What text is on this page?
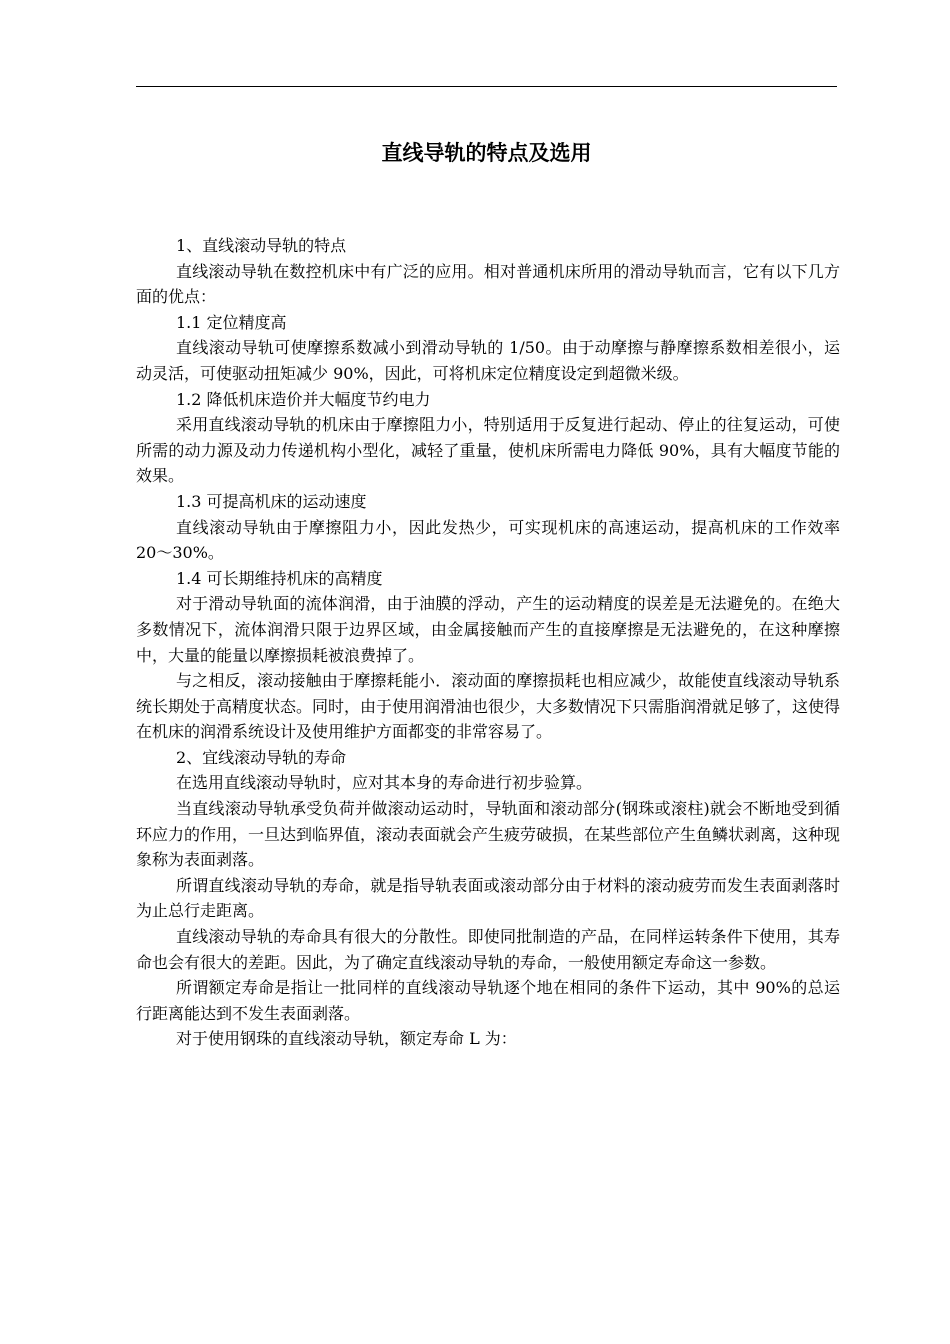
直线导轨的特点及选用

1、直线滚动导轨的特点

直线滚动导轨在数控机床中有广泛的应用。相对普通机床所用的滑动导轨而言，它有以下几方面的优点：

1.1 定位精度高

直线滚动导轨可使摩擦系数减小到滑动导轨的 1/50。由于动摩擦与静摩擦系数相差很小，运动灵活，可使驱动扭矩减少 90%，因此，可将机床定位精度设定到超微米级。

1.2 降低机床造价并大幅度节约电力

采用直线滚动导轨的机床由于摩擦阻力小，特别适用于反复进行起动、停止的往复运动，可使所需的动力源及动力传递机构小型化，减轻了重量，使机床所需电力降低 90%，具有大幅度节能的效果。

1.3 可提高机床的运动速度

直线滚动导轨由于摩擦阻力小，因此发热少，可实现机床的高速运动，提高机床的工作效率 20～30%。

1.4 可长期维持机床的高精度

对于滑动导轨面的流体润滑，由于油膜的浮动，产生的运动精度的误差是无法避免的。在绝大多数情况下，流体润滑只限于边界区域，由金属接触而产生的直接摩擦是无法避免的，在这种摩擦中，大量的能量以摩擦损耗被浪费掉了。

与之相反，滚动接触由于摩擦耗能小．滚动面的摩擦损耗也相应减少，故能使直线滚动导轨系统长期处于高精度状态。同时，由于使用润滑油也很少，大多数情况下只需脂润滑就足够了，这使得在机床的润滑系统设计及使用维护方面都变的非常容易了。

2、宜线滚动导轨的寿命

在选用直线滚动导轨时，应对其本身的寿命进行初步验算。

当直线滚动导轨承受负荷并做滚动运动时，导轨面和滚动部分(钢珠或滚柱)就会不断地受到循环应力的作用，一旦达到临界值，滚动表面就会产生疲劳破损，在某些部位产生鱼鳞状剥离，这种现象称为表面剥落。

所谓直线滚动导轨的寿命，就是指导轨表面或滚动部分由于材料的滚动疲劳而发生表面剥落时为止总行走距离。

直线滚动导轨的寿命具有很大的分散性。即使同批制造的产品，在同样运转条件下使用，其寿命也会有很大的差距。因此，为了确定直线滚动导轨的寿命，一般使用额定寿命这一参数。

所谓额定寿命是指让一批同样的直线滚动导轨逐个地在相同的条件下运动，其中 90%的总运行距离能达到不发生表面剥落。

对于使用钢珠的直线滚动导轨，额定寿命 L 为：
